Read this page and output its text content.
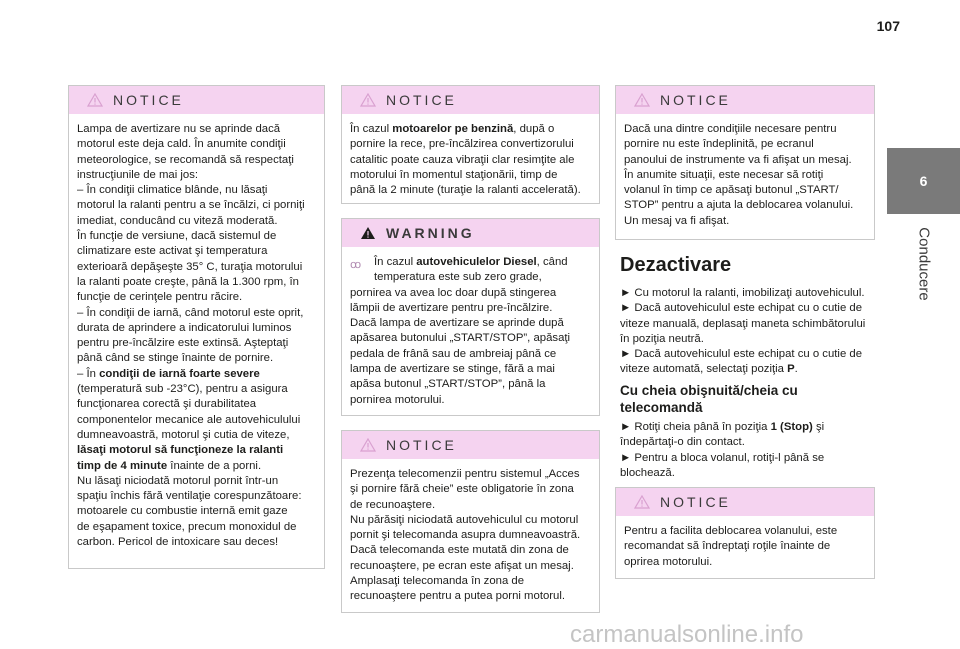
107
6
Conducere
NOTICE

Lampa de avertizare nu se aprinde dacă

motorul este deja cald. În anumite condiţii

meteorologice, se recomandă să respectaţi

instrucţiunile de mai jos:

– În condiţii climatice blânde, nu lăsaţi

motorul la ralanti pentru a se încălzi, ci porniţi

imediat, conducând cu viteză moderată.

În funcţie de versiune, dacă sistemul de

climatizare este activat şi temperatura

exterioară depăşeşte 35° C, turaţia motorului

la ralanti poate creşte, până la 1.300 rpm, în

funcţie de cerinţele pentru răcire.

– În condiţii de iarnă, când motorul este oprit,

durata de aprindere a indicatorului luminos

pentru pre-încălzire este extinsă. Aşteptaţi

până când se stinge înainte de pornire.

– În condiţii de iarnă foarte severe

(temperatură sub -23°C), pentru a asigura

funcţionarea corectă şi durabilitatea

componentelor mecanice ale autovehiculului

dumneavoastră, motorul şi cutia de viteze,

lăsaţi motorul să funcţioneze la ralanti

timp de 4 minute înainte de a porni.

Nu lăsaţi niciodată motorul pornit într-un

spaţiu închis fără ventilaţie corespunzătoare:

motoarele cu combustie internă emit gaze

de eşapament toxice, precum monoxidul de

carbon. Pericol de intoxicare sau deces!

NOTICE

În cazul motoarelor pe benzină, după o

pornire la rece, pre-încălzirea convertizorului

catalitic poate cauza vibraţii clar resimţite ale

motorului în momentul staţionării, timp de

până la 2 minute (turaţie la ralanti accelerată).

WARNING
ꝏ	În cazul autovehiculelor Diesel, când

temperatura este sub zero grade,

pornirea va avea loc doar după stingerea

lămpii de avertizare pentru pre-încălzire.

Dacă lampa de avertizare se aprinde după

apăsarea butonului „START/STOP”, apăsaţi

pedala de frână sau de ambreiaj până ce

lampa de avertizare se stinge, fără a mai

apăsa butonul „START/STOP”, până la

pornirea motorului.

NOTICE

Prezenţa telecomenzii pentru sistemul „Acces

şi pornire fără cheie” este obligatorie în zona

de recunoaştere.

Nu părăsiţi niciodată autovehiculul cu motorul

pornit şi telecomanda asupra dumneavoastră.

Dacă telecomanda este mutată din zona de

recunoaştere, pe ecran este afişat un mesaj.

Amplasaţi telecomanda în zona de

recunoaştere pentru a putea porni motorul.

NOTICE

Dacă una dintre condiţiile necesare pentru

pornire nu este îndeplinită, pe ecranul

panoului de instrumente va fi afişat un mesaj.

În anumite situaţii, este necesar să rotiţi

volanul în timp ce apăsaţi butonul „START/

STOP” pentru a ajuta la deblocarea volanului.

Un mesaj va fi afişat.

Dezactivare

► Cu motorul la ralanti, imobilizaţi autovehiculul.

► Dacă autovehiculul este echipat cu o cutie de

viteze manuală, deplasaţi maneta schimbătorului

în poziţia neutră.

► Dacă autovehiculul este echipat cu o cutie de

viteze automată, selectaţi poziţia P.

Cu cheia obişnuită/cheia cu telecomandă

► Rotiţi cheia până în poziţia 1 (Stop) şi

îndepărtaţi-o din contact.

► Pentru a bloca volanul, rotiţi-l până se

blochează.

NOTICE

Pentru a facilita deblocarea volanului, este

recomandat să îndreptaţi roţile înainte de

oprirea motorului.

carmanualsonline.info
